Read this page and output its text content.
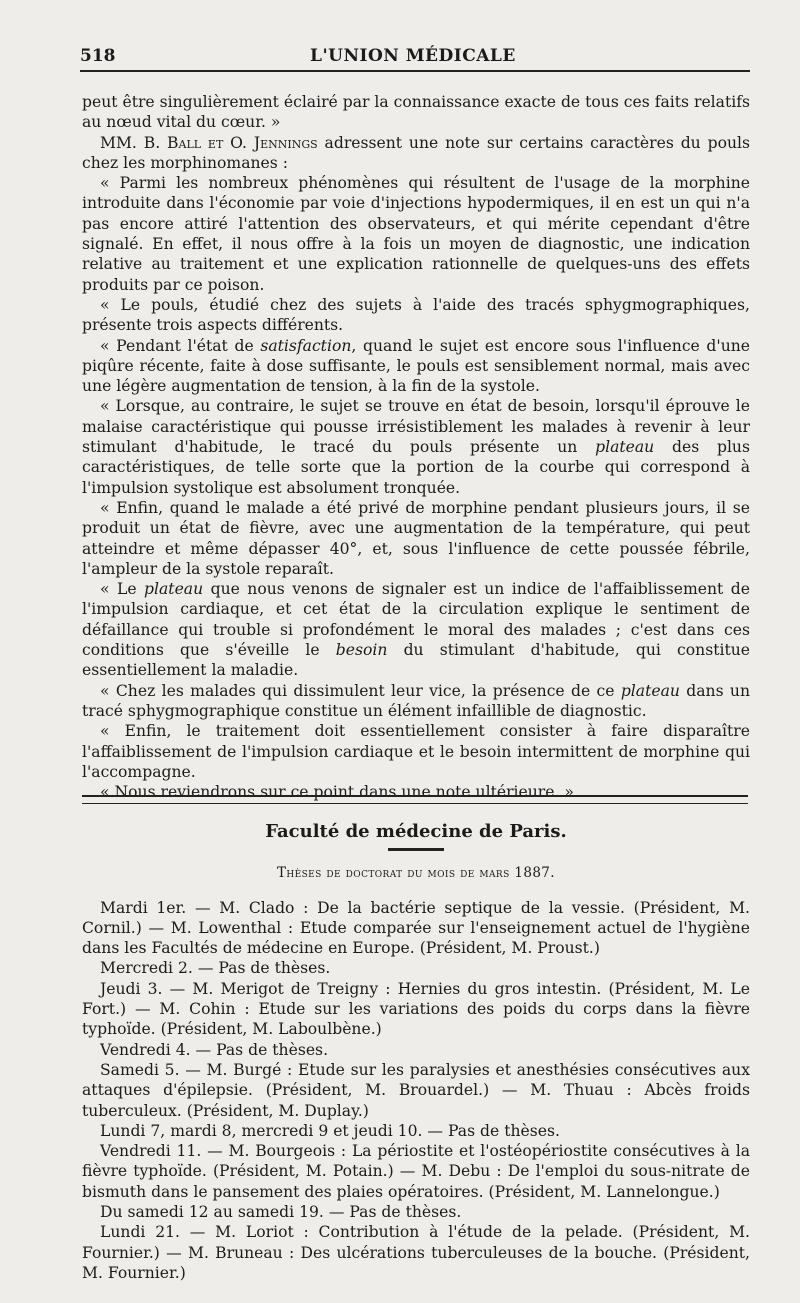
518	L'UNION MÉDICALE

peut être singulièrement éclairé par la connaissance exacte de tous ces faits relatifs au nœud vital du cœur. »

MM. B. Ball et O. Jennings adressent une note sur certains caractères du pouls chez les morphinomanes :

« Parmi les nombreux phénomènes qui résultent de l'usage de la morphine introduite dans l'économie par voie d'injections hypodermiques, il en est un qui n'a pas encore attiré l'attention des observateurs, et qui mérite cependant d'être signalé. En effet, il nous offre à la fois un moyen de diagnostic, une indication relative au traitement et une explication rationnelle de quelques-uns des effets produits par ce poison.

« Le pouls, étudié chez des sujets à l'aide des tracés sphygmographiques, présente trois aspects différents.

« Pendant l'état de satisfaction, quand le sujet est encore sous l'influence d'une piqûre récente, faite à dose suffisante, le pouls est sensiblement normal, mais avec une légère augmentation de tension, à la fin de la systole.

« Lorsque, au contraire, le sujet se trouve en état de besoin, lorsqu'il éprouve le malaise caractéristique qui pousse irrésistiblement les malades à revenir à leur stimulant d'habitude, le tracé du pouls présente un plateau des plus caractéristiques, de telle sorte que la portion de la courbe qui correspond à l'impulsion systolique est absolument tronquée.

« Enfin, quand le malade a été privé de morphine pendant plusieurs jours, il se produit un état de fièvre, avec une augmentation de la température, qui peut atteindre et même dépasser 40°, et, sous l'influence de cette poussée fébrile, l'ampleur de la systole reparaît.

« Le plateau que nous venons de signaler est un indice de l'affaiblissement de l'impulsion cardiaque, et cet état de la circulation explique le sentiment de défaillance qui trouble si profondément le moral des malades ; c'est dans ces conditions que s'éveille le besoin du stimulant d'habitude, qui constitue essentiellement la maladie.

« Chez les malades qui dissimulent leur vice, la présence de ce plateau dans un tracé sphygmographique constitue un élément infaillible de diagnostic.

« Enfin, le traitement doit essentiellement consister à faire disparaître l'affaiblissement de l'impulsion cardiaque et le besoin intermittent de morphine qui l'accompagne.

« Nous reviendrons sur ce point dans une note ultérieure. »

Faculté de médecine de Paris.
Thèses de doctorat du mois de mars 1887.

Mardi 1er. — M. Clado : De la bactérie septique de la vessie. (Président, M. Cornil.) — M. Lowenthal : Etude comparée sur l'enseignement actuel de l'hygiène dans les Facultés de médecine en Europe. (Président, M. Proust.)

Mercredi 2. — Pas de thèses.

Jeudi 3. — M. Merigot de Treigny : Hernies du gros intestin. (Président, M. Le Fort.) — M. Cohin : Etude sur les variations des poids du corps dans la fièvre typhoïde. (Président, M. Laboulbène.)

Vendredi 4. — Pas de thèses.

Samedi 5. — M. Burgé : Etude sur les paralysies et anesthésies consécutives aux attaques d'épilepsie. (Président, M. Brouardel.) — M. Thuau : Abcès froids tuberculeux. (Président, M. Duplay.)

Lundi 7, mardi 8, mercredi 9 et jeudi 10. — Pas de thèses.

Vendredi 11. — M. Bourgeois : La périostite et l'ostéopériostite consécutives à la fièvre typhoïde. (Président, M. Potain.) — M. Debu : De l'emploi du sous-nitrate de bismuth dans le pansement des plaies opératoires. (Président, M. Lannelongue.)

Du samedi 12 au samedi 19. — Pas de thèses.

Lundi 21. — M. Loriot : Contribution à l'étude de la pelade. (Président, M. Fournier.) — M. Bruneau : Des ulcérations tuberculeuses de la bouche. (Président, M. Fournier.)
